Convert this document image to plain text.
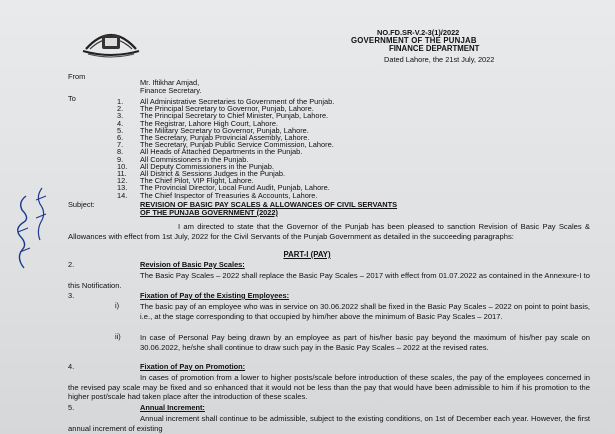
NO.FD.SR-V.2-3(1)/2022
GOVERNMENT OF THE PUNJAB
FINANCE DEPARTMENT
Dated Lahore, the 21st July, 2022
From
Mr. Iftikhar Amjad,
Finance Secretary.
To	1. All Administrative Secretaries to Government of the Punjab.
2. The Principal Secretary to Governor, Punjab, Lahore.
3. The Principal Secretary to Chief Minister, Punjab, Lahore.
4. The Registrar, Lahore High Court, Lahore.
5. The Military Secretary to Governor, Punjab, Lahore.
6. The Secretary, Punjab Provincial Assembly, Lahore.
7. The Secretary, Punjab Public Service Commission, Lahore.
8. All Heads of Attached Departments in the Punjab.
9. All Commissioners in the Punjab.
10. All Deputy Commissioners in the Punjab.
11. All District & Sessions Judges in the Punjab.
12. The Chief Pilot, VIP Flight, Lahore.
13. The Provincial Director, Local Fund Audit, Punjab, Lahore.
14. The Chief Inspector of Treasuries & Accounts, Lahore.
Subject:	REVISION OF BASIC PAY SCALES & ALLOWANCES OF CIVIL SERVANTS
OF THE PUNJAB GOVERNMENT (2022)
I am directed to state that the Governor of the Punjab has been pleased to sanction Revision of Basic Pay Scales & Allowances with effect from 1st July, 2022 for the Civil Servants of the Punjab Government as detailed in the succeeding paragraphs:
PART-I (PAY)
2.	Revision of Basic Pay Scales:
The Basic Pay Scales – 2022 shall replace the Basic Pay Scales – 2017 with effect from 01.07.2022 as contained in the Annexure-I to this Notification.
3.	Fixation of Pay of the Existing Employees:
i)	The basic pay of an employee who was in service on 30.06.2022 shall be fixed in the Basic Pay Scales – 2022 on point to point basis, i.e., at the stage corresponding to that occupied by him/her above the minimum of Basic Pay Scales – 2017.
ii)	In case of Personal Pay being drawn by an employee as part of his/her basic pay beyond the maximum of his/her pay scale on 30.06.2022, he/she shall continue to draw such pay in the Basic Pay Scales – 2022 at the revised rates.
4.	Fixation of Pay on Promotion:
In cases of promotion from a lower to higher posts/scale before introduction of these scales, the pay of the employees concerned in the revised pay scale may be fixed and so enhanced that it would not be less than the pay that would have been admissible to him if his promotion to the higher post/scale had taken place after the introduction of these scales.
5.	Annual Increment:
Annual increment shall continue to be admissible, subject to the existing conditions, on 1st of December each year. However, the first annual increment of existing
